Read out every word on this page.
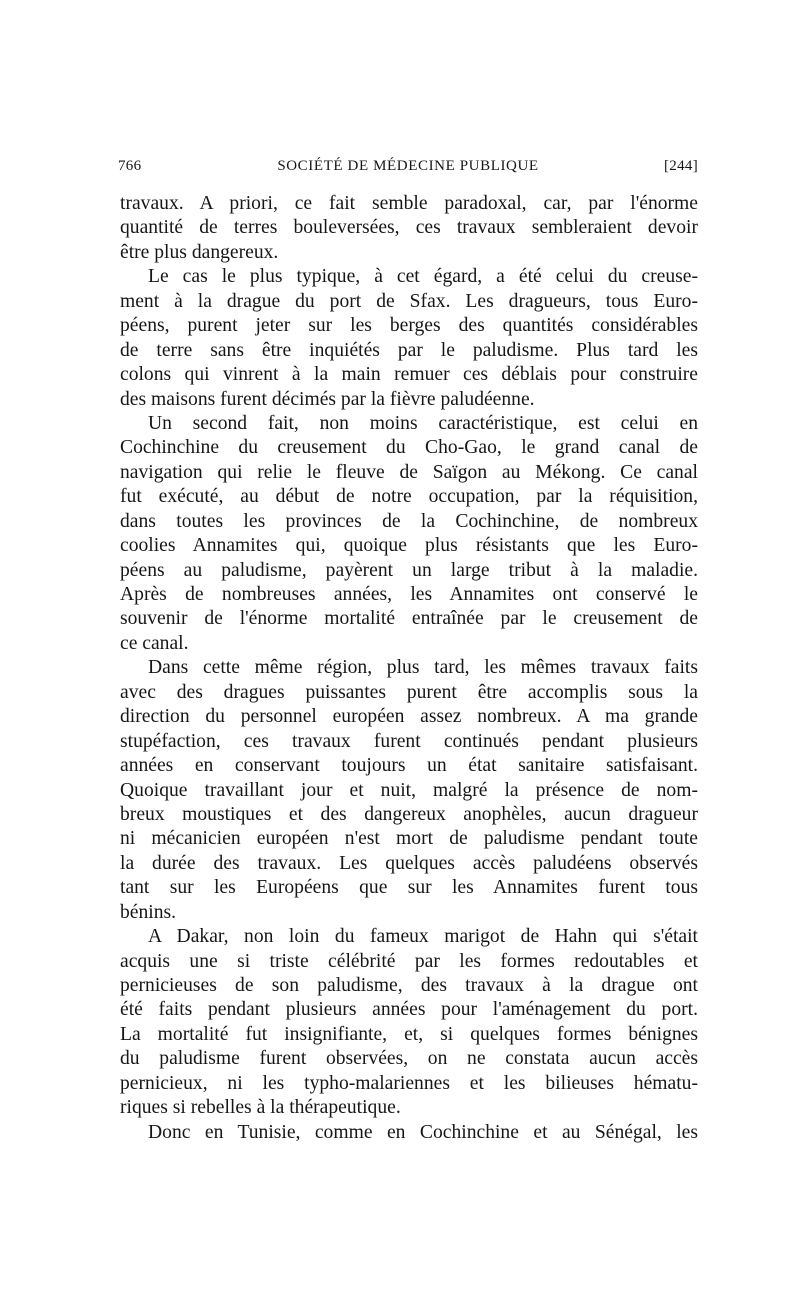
766	SOCIÉTÉ DE MÉDECINE PUBLIQUE	[244]
travaux. A priori, ce fait semble paradoxal, car, par l'énorme
quantité de terres bouleversées, ces travaux sembleraient devoir
être plus dangereux.
Le cas le plus typique, à cet égard, a été celui du creuse-
ment à la drague du port de Sfax. Les dragueurs, tous Euro-
péens, purent jeter sur les berges des quantités considérables
de terre sans être inquiétés par le paludisme. Plus tard les
colons qui vinrent à la main remuer ces déblais pour construire
des maisons furent décimés par la fièvre paludéenne.
Un second fait, non moins caractéristique, est celui en
Cochinchine du creusement du Cho-Gao, le grand canal de
navigation qui relie le fleuve de Saïgon au Mékong. Ce canal
fut exécuté, au début de notre occupation, par la réquisition,
dans toutes les provinces de la Cochinchine, de nombreux
coolies Annamites qui, quoique plus résistants que les Euro-
péens au paludisme, payèrent un large tribut à la maladie.
Après de nombreuses années, les Annamites ont conservé le
souvenir de l'énorme mortalité entraînée par le creusement de
ce canal.
Dans cette même région, plus tard, les mêmes travaux faits
avec des dragues puissantes purent être accomplis sous la
direction du personnel européen assez nombreux. A ma grande
stupéfaction, ces travaux furent continués pendant plusieurs
années en conservant toujours un état sanitaire satisfaisant.
Quoique travaillant jour et nuit, malgré la présence de nom-
breux moustiques et des dangereux anophèles, aucun dragueur
ni mécanicien européen n'est mort de paludisme pendant toute
la durée des travaux. Les quelques accès paludéens observés
tant sur les Européens que sur les Annamites furent tous
bénins.
A Dakar, non loin du fameux marigot de Hahn qui s'était
acquis une si triste célébrité par les formes redoutables et
pernicieuses de son paludisme, des travaux à la drague ont
été faits pendant plusieurs années pour l'aménagement du port.
La mortalité fut insignifiante, et, si quelques formes bénignes
du paludisme furent observées, on ne constata aucun accès
pernicieux, ni les typho-malariennes et les bilieuses hématu-
riques si rebelles à la thérapeutique.
Donc en Tunisie, comme en Cochinchine et au Sénégal, les
